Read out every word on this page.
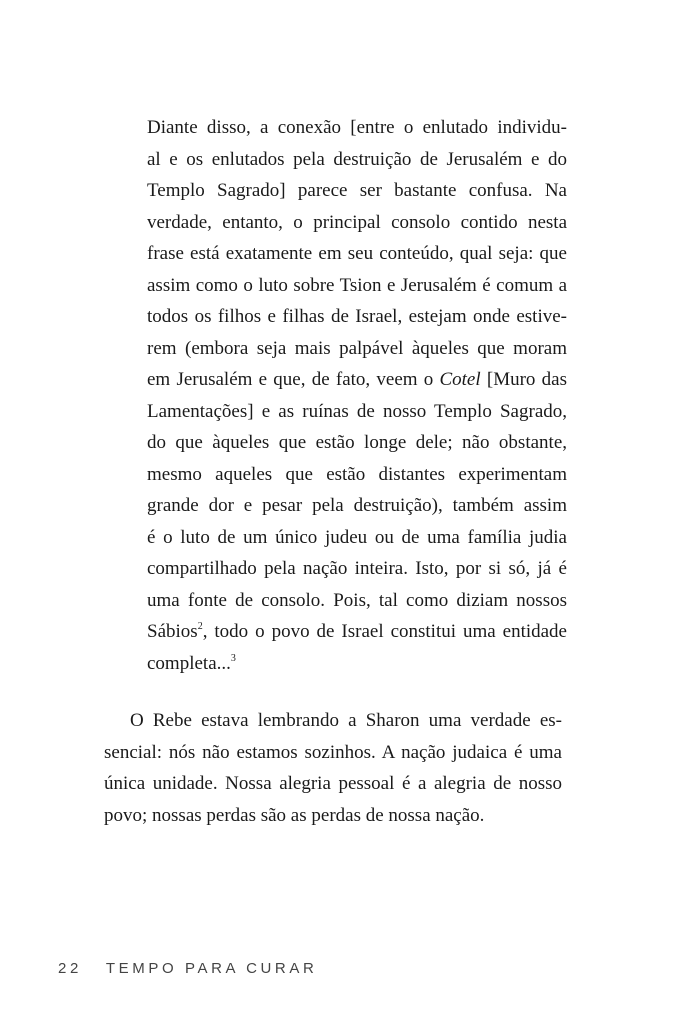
Diante disso, a conexão [entre o enlutado individu-
al e os enlutados pela destruição de Jerusalém e do
Templo Sagrado] parece ser bastante confusa. Na
verdade, entanto, o principal consolo contido nesta
frase está exatamente em seu conteúdo, qual seja: que
assim como o luto sobre Tsion e Jerusalém é comum a
todos os filhos e filhas de Israel, estejam onde estive-
rem (embora seja mais palpável àqueles que moram
em Jerusalém e que, de fato, veem o Cotel [Muro das
Lamentações] e as ruínas de nosso Templo Sagrado,
do que àqueles que estão longe dele; não obstante,
mesmo aqueles que estão distantes experimentam
grande dor e pesar pela destruição), também assim
é o luto de um único judeu ou de uma família judia
compartilhado pela nação inteira. Isto, por si só, já é
uma fonte de consolo. Pois, tal como diziam nossos
Sábios$^2$, todo o povo de Israel constitui uma entidade
completa...$^3$
O Rebe estava lembrando a Sharon uma verdade es-
sencial: nós não estamos sozinhos. A nação judaica é uma
única unidade. Nossa alegria pessoal é a alegria de nosso
povo; nossas perdas são as perdas de nossa nação.
22 TEMPO PARA CURAR
